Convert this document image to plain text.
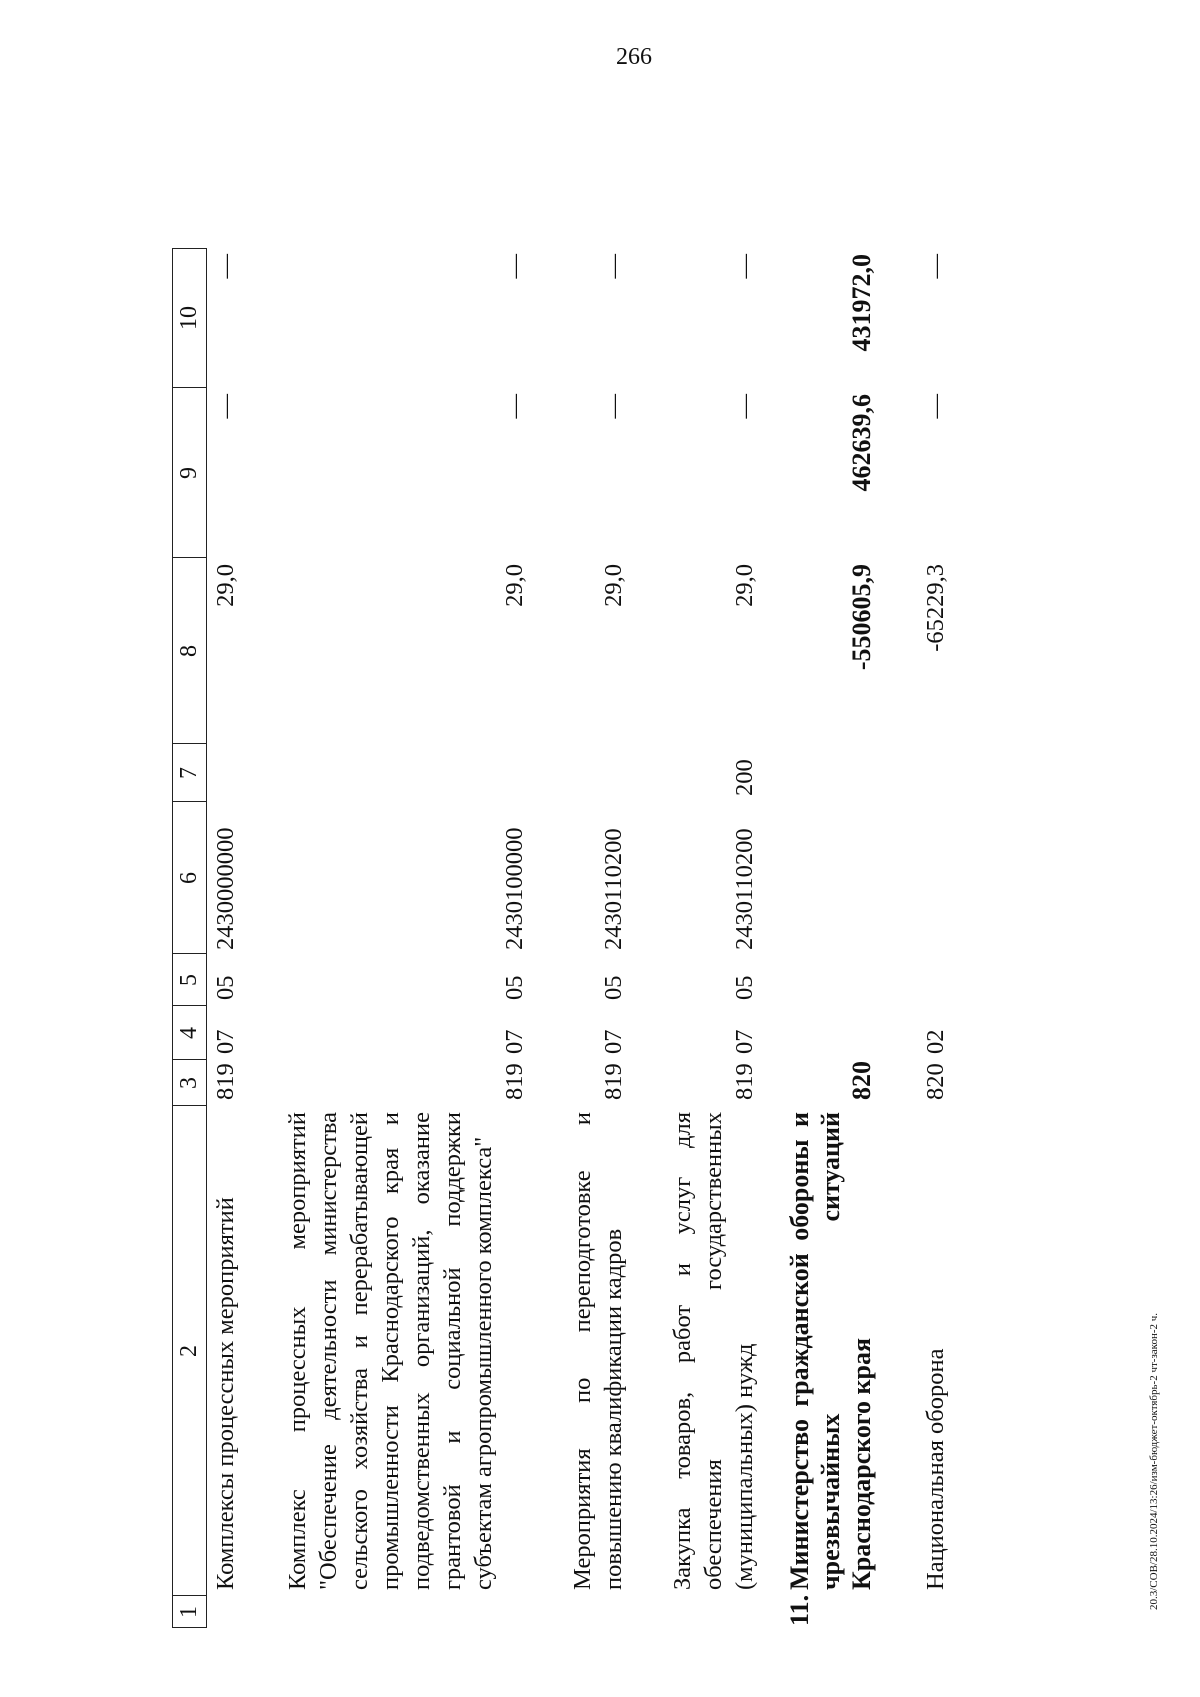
266
20.3/СОВ/28.10.2024/13:26/изм-бюджет-октябрь-2 чт-закон-2 ч.
1
2
3
4
5
6
7
8
9
10
Комплексы процессных мероприятий
819
07
05
2430000000
29,0
—
—
Комплекс процессных мероприятий "Обеспечение деятельности министерства сельского хозяйства и перерабатывающей промышленности Краснодарского края и подведомственных организаций, оказание грантовой и социальной поддержки субъектам агропромышленного комплекса"
819
07
05
2430100000
29,0
—
—
Мероприятия по переподготовке и повышению квалификации кадров
819
07
05
2430110200
29,0
—
—
Закупка товаров, работ и услуг для обеспечения государственных (муниципальных) нужд
819
07
05
2430110200
200
29,0
—
—
11.
Министерство гражданской обороны и чрезвычайных ситуаций Краснодарского края
820
-550605,9
462639,6
431972,0
Национальная оборона
820
02
-65229,3
—
—
